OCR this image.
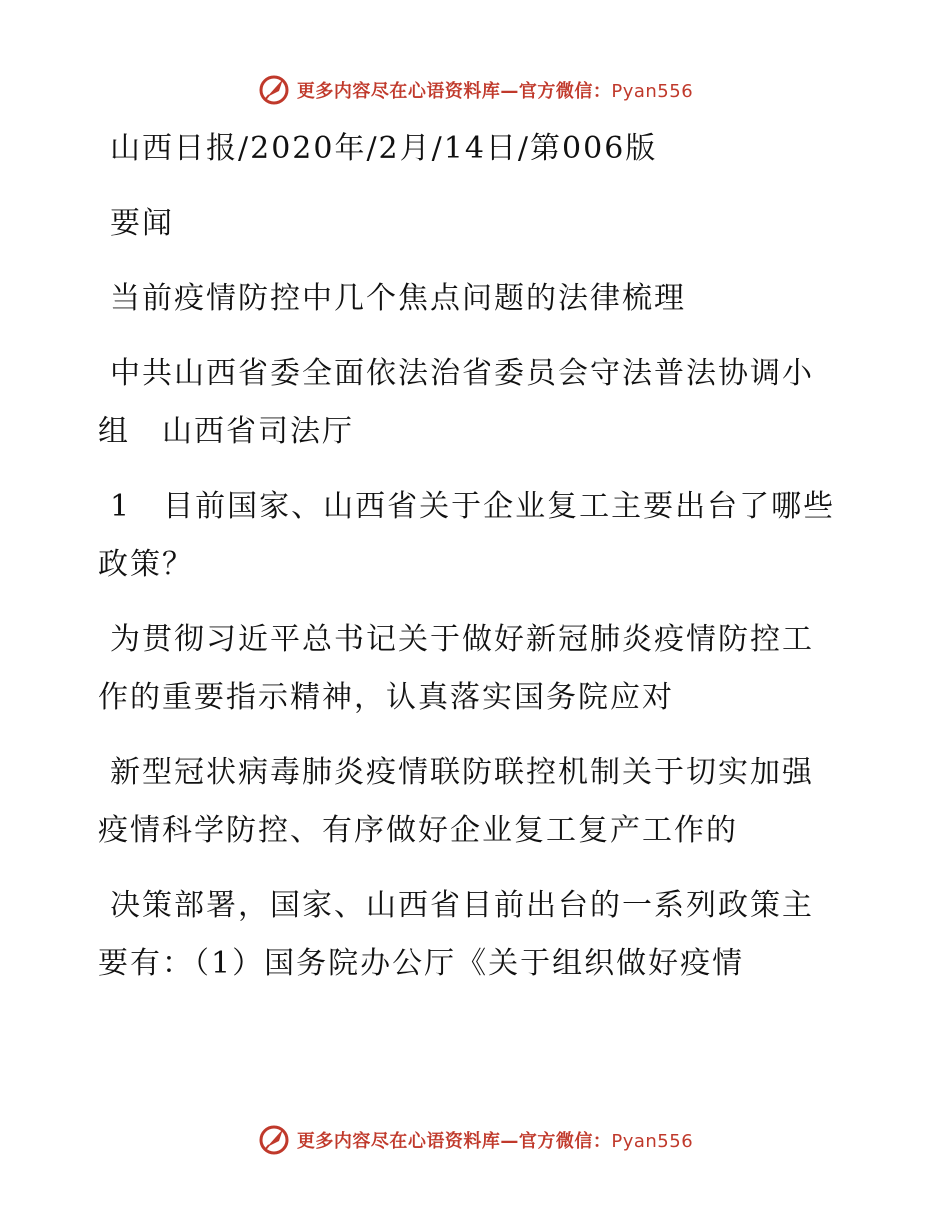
更多内容尽在心语资料库—官方微信：Pyan556

山西日报/2020年/2月/14日/第006版

要闻

当前疫情防控中几个焦点问题的法律梳理

中共山西省委全面依法治省委员会守法普法协调小组　山西省司法厅

1　目前国家、山西省关于企业复工主要出台了哪些政策？

为贯彻习近平总书记关于做好新冠肺炎疫情防控工作的重要指示精神，认真落实国务院应对

新型冠状病毒肺炎疫情联防联控机制关于切实加强疫情科学防控、有序做好企业复工复产工作的

决策部署，国家、山西省目前出台的一系列政策主要有：（1）国务院办公厅《关于组织做好疫情

更多内容尽在心语资料库—官方微信：Pyan556
